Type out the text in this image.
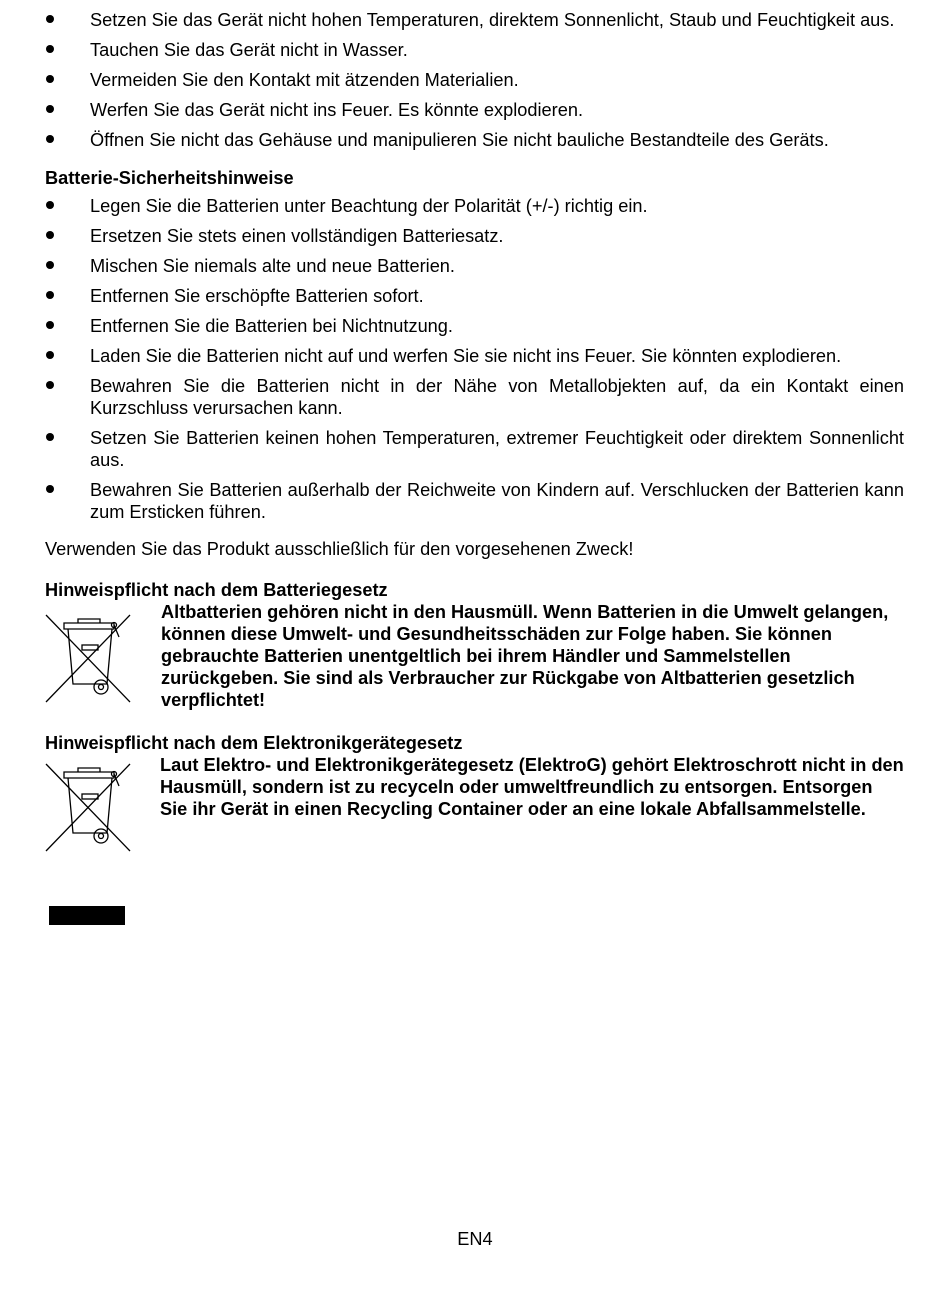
Setzen Sie das Gerät nicht hohen Temperaturen, direktem Sonnenlicht, Staub und Feuchtigkeit aus.
Tauchen Sie das Gerät nicht in Wasser.
Vermeiden Sie den Kontakt mit ätzenden Materialien.
Werfen Sie das Gerät nicht ins Feuer. Es könnte explodieren.
Öffnen Sie nicht das Gehäuse und manipulieren Sie nicht bauliche Bestandteile des Geräts.

Batterie-Sicherheitshinweise

Legen Sie die Batterien unter Beachtung der Polarität (+/-) richtig ein.
Ersetzen Sie stets einen vollständigen Batteriesatz.
Mischen Sie niemals alte und neue Batterien.
Entfernen Sie erschöpfte Batterien sofort.
Entfernen Sie die Batterien bei Nichtnutzung.
Laden Sie die Batterien nicht auf und werfen Sie sie nicht ins Feuer. Sie könnten explodieren.
Bewahren Sie die Batterien nicht in der Nähe von Metallobjekten auf, da ein Kontakt einen Kurzschluss verursachen kann.
Setzen Sie Batterien keinen hohen Temperaturen, extremer Feuchtigkeit oder direktem Sonnenlicht aus.
Bewahren Sie Batterien außerhalb der Reichweite von Kindern auf. Verschlucken der Batterien kann zum Ersticken führen.

Verwenden Sie das Produkt ausschließlich für den vorgesehenen Zweck!

Hinweispflicht nach dem Batteriegesetz

Altbatterien gehören nicht in den Hausmüll. Wenn Batterien in die Umwelt gelangen, können diese Umwelt- und Gesundheitsschäden zur Folge haben. Sie können gebrauchte Batterien unentgeltlich bei ihrem Händler und Sammelstellen zurückgeben. Sie sind als Verbraucher zur Rückgabe von Altbatterien gesetzlich verpflichtet!

Hinweispflicht nach dem Elektronikgerätegesetz

Laut Elektro- und Elektronikgerätegesetz (ElektroG) gehört Elektroschrott nicht in den Hausmüll, sondern ist zu recyceln oder umweltfreundlich zu entsorgen. Entsorgen Sie ihr Gerät in einen Recycling Container oder an eine lokale Abfallsammelstelle.

EN4
